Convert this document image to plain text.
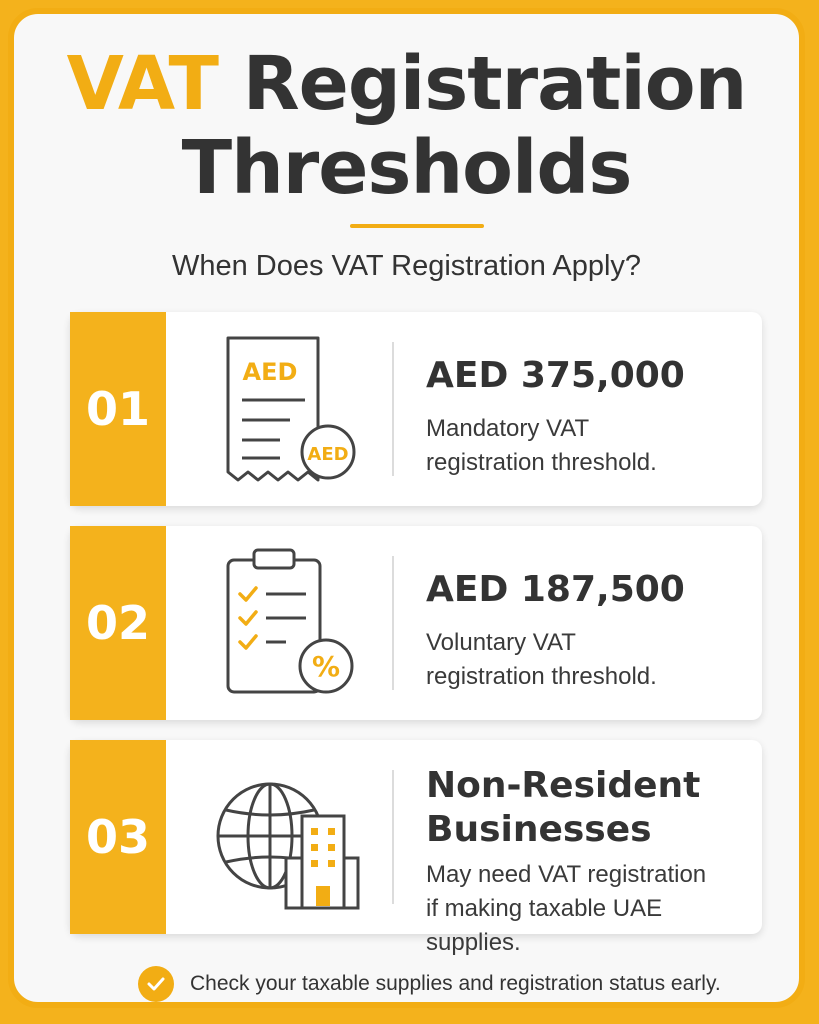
VAT Registration
Thresholds
When Does VAT Registration Apply?
01
AED
AED
AED 375,000
Mandatory VAT
registration threshold.
02
%
AED 187,500
Voluntary VAT
registration threshold.
03
Non-Resident
Businesses
May need VAT registration
if making taxable UAE supplies.
Check your taxable supplies and registration status early.
